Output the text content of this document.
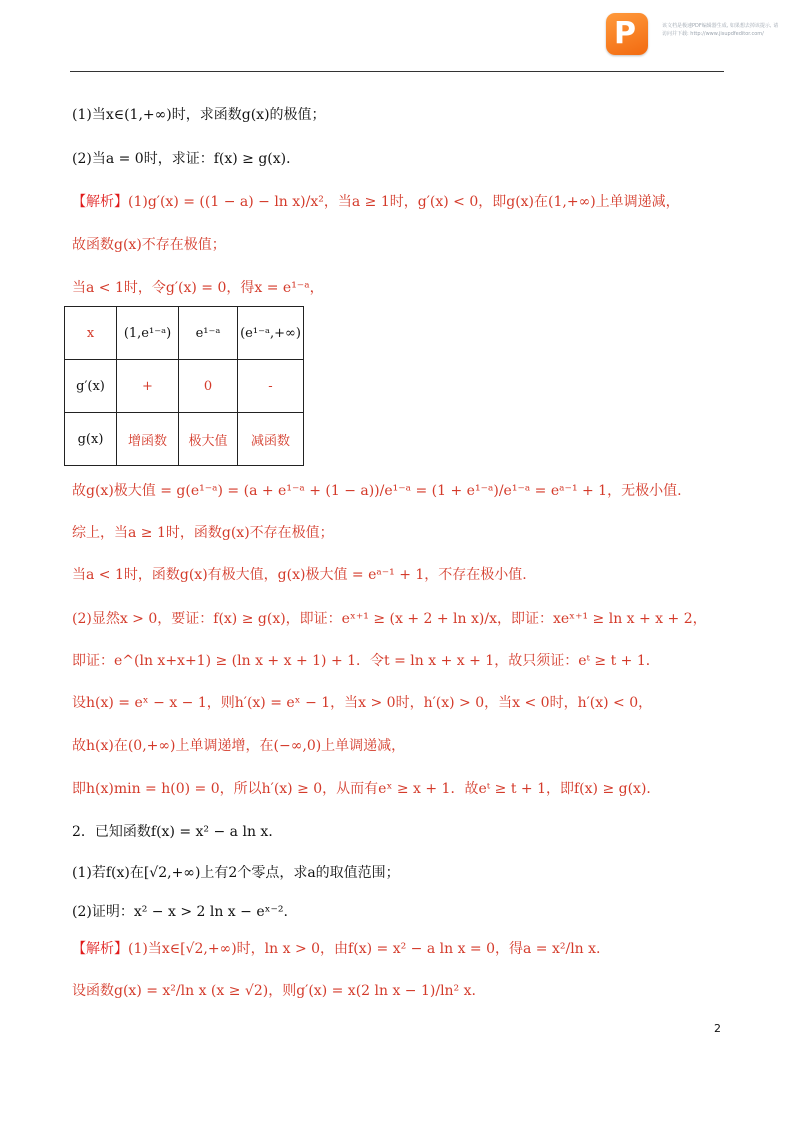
P	该文档是极速PDF编辑器生成, 如果想去掉该提示, 请访问并下载: http://www.jisupdfeditor.com/
(1)当x∈(1,+∞)时，求函数g(x)的极值；
(2)当a = 0时，求证：f(x) ≥ g(x)．
【解析】(1)g′(x) = ((1 − a) − ln x)/x²，当a ≥ 1时，g′(x) < 0，即g(x)在(1,+∞)上单调递减，
故函数g(x)不存在极值；
当a < 1时，令g′(x) = 0，得x = e¹⁻ᵃ，
故g(x)极大值 = g(e¹⁻ᵃ) = (a + e¹⁻ᵃ + (1 − a))/e¹⁻ᵃ = (1 + e¹⁻ᵃ)/e¹⁻ᵃ = eᵃ⁻¹ + 1，无极小值.
综上，当a ≥ 1时，函数g(x)不存在极值；
当a < 1时，函数g(x)有极大值，g(x)极大值 = eᵃ⁻¹ + 1，不存在极小值.
(2)显然x > 0，要证：f(x) ≥ g(x)，即证：eˣ⁺¹ ≥ (x + 2 + ln x)/x，即证：xeˣ⁺¹ ≥ ln x + x + 2，
即证：e^(ln x+x+1) ≥ (ln x + x + 1) + 1．令t = ln x + x + 1，故只须证：eᵗ ≥ t + 1．
设h(x) = eˣ − x − 1，则h′(x) = eˣ − 1，当x > 0时，h′(x) > 0，当x < 0时，h′(x) < 0，
故h(x)在(0,+∞)上单调递增，在(−∞,0)上单调递减，
即h(x)min = h(0) = 0，所以h′(x) ≥ 0，从而有eˣ ≥ x + 1．故eᵗ ≥ t + 1，即f(x) ≥ g(x)．
2．已知函数f(x) = x² − a ln x．
(1)若f(x)在[√2,+∞)上有2个零点，求a的取值范围；
(2)证明：x² − x > 2 ln x − eˣ⁻².
【解析】(1)当x∈[√2,+∞)时，ln x > 0，由f(x) = x² − a ln x = 0，得a = x²/ln x.
设函数g(x) = x²/ln x (x ≥ √2)，则g′(x) = x(2 ln x − 1)/ln² x.
x	(1,e¹⁻ᵃ)	e¹⁻ᵃ	(e¹⁻ᵃ,+∞)
g′(x)	+	0	-
g(x)	增函数	极大值	减函数
2
